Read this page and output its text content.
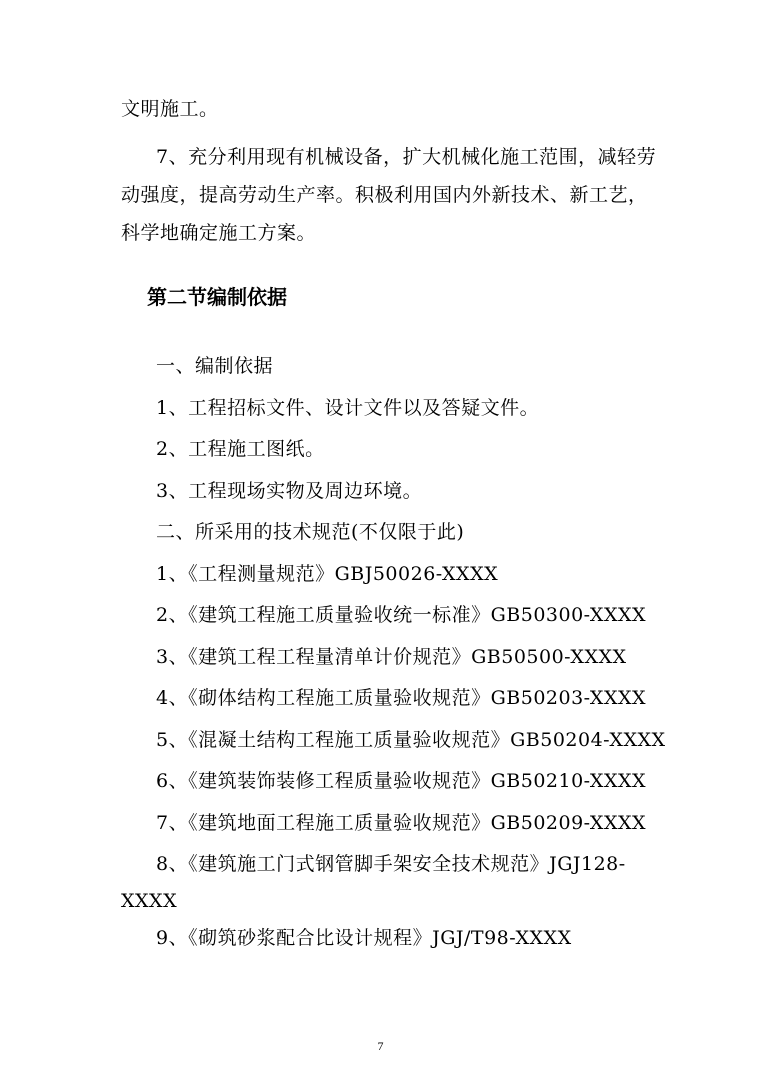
文明施工。
7、充分利用现有机械设备，扩大机械化施工范围，减轻劳
动强度，提高劳动生产率。积极利用国内外新技术、新工艺，
科学地确定施工方案。
第二节编制依据
一、编制依据
1、工程招标文件、设计文件以及答疑文件。
2、工程施工图纸。
3、工程现场实物及周边环境。
二、所采用的技术规范(不仅限于此)
1、《工程测量规范》GBJ50026-XXXX
2、《建筑工程施工质量验收统一标准》GB50300-XXXX
3、《建筑工程工程量清单计价规范》GB50500-XXXX
4、《砌体结构工程施工质量验收规范》GB50203-XXXX
5、《混凝土结构工程施工质量验收规范》GB50204-XXXX
6、《建筑装饰装修工程质量验收规范》GB50210-XXXX
7、《建筑地面工程施工质量验收规范》GB50209-XXXX
8、《建筑施工门式钢管脚手架安全技术规范》JGJ128-
XXXX
9、《砌筑砂浆配合比设计规程》JGJ/T98-XXXX
7
